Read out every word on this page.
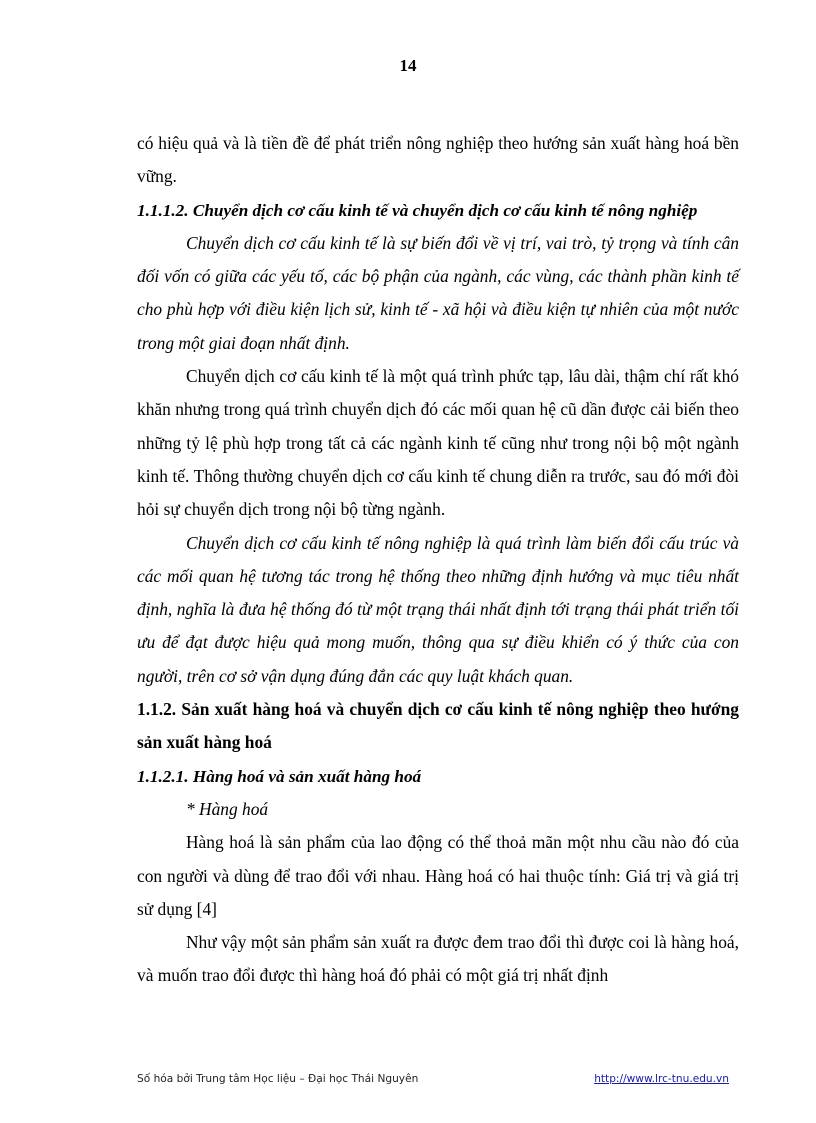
14

có hiệu quả và là tiền đề để phát triển nông nghiệp theo hướng sản xuất hàng hoá bền vững.

1.1.1.2. Chuyển dịch cơ cấu kinh tế và chuyển dịch cơ cấu kinh tế nông nghiệp

Chuyển dịch cơ cấu kinh tế là sự biến đổi về vị trí, vai trò, tỷ trọng và tính cân đối vốn có giữa các yếu tố, các bộ phận của ngành, các vùng, các thành phần kinh tế cho phù hợp với điều kiện lịch sử, kinh tế - xã hội và điều kiện tự nhiên của một nước trong một giai đoạn nhất định.

Chuyển dịch cơ cấu kinh tế là một quá trình phức tạp, lâu dài, thậm chí rất khó khăn nhưng trong quá trình chuyển dịch đó các mối quan hệ cũ dần được cải biến theo những tỷ lệ phù hợp trong tất cả các ngành kinh tế cũng như trong nội bộ một ngành kinh tế. Thông thường chuyển dịch cơ cấu kinh tế chung diễn ra trước, sau đó mới đòi hỏi sự chuyển dịch trong nội bộ từng ngành.

Chuyển dịch cơ cấu kinh tế nông nghiệp là quá trình làm biến đổi cấu trúc và các mối quan hệ tương tác trong hệ thống theo những định hướng và mục tiêu nhất định, nghĩa là đưa hệ thống đó từ một trạng thái nhất định tới trạng thái phát triển tối ưu để đạt được hiệu quả mong muốn, thông qua sự điều khiển có ý thức của con người, trên cơ sở vận dụng đúng đắn các quy luật khách quan.

1.1.2. Sản xuất hàng hoá và chuyển dịch cơ cấu kinh tế nông nghiệp theo hướng sản xuất hàng hoá

1.1.2.1. Hàng hoá và sản xuất hàng hoá

* Hàng hoá

Hàng hoá là sản phẩm của lao động có thể thoả mãn một nhu cầu nào đó của con người và dùng để trao đổi với nhau. Hàng hoá có hai thuộc tính: Giá trị và giá trị sử dụng [4]

Như vậy một sản phẩm sản xuất ra được đem trao đổi thì được coi là hàng hoá, và muốn trao đổi được thì hàng hoá đó phải có một giá trị nhất định

Số hóa bởi Trung tâm Học liệu – Đại học Thái Nguyên	http://www.lrc-tnu.edu.vn
